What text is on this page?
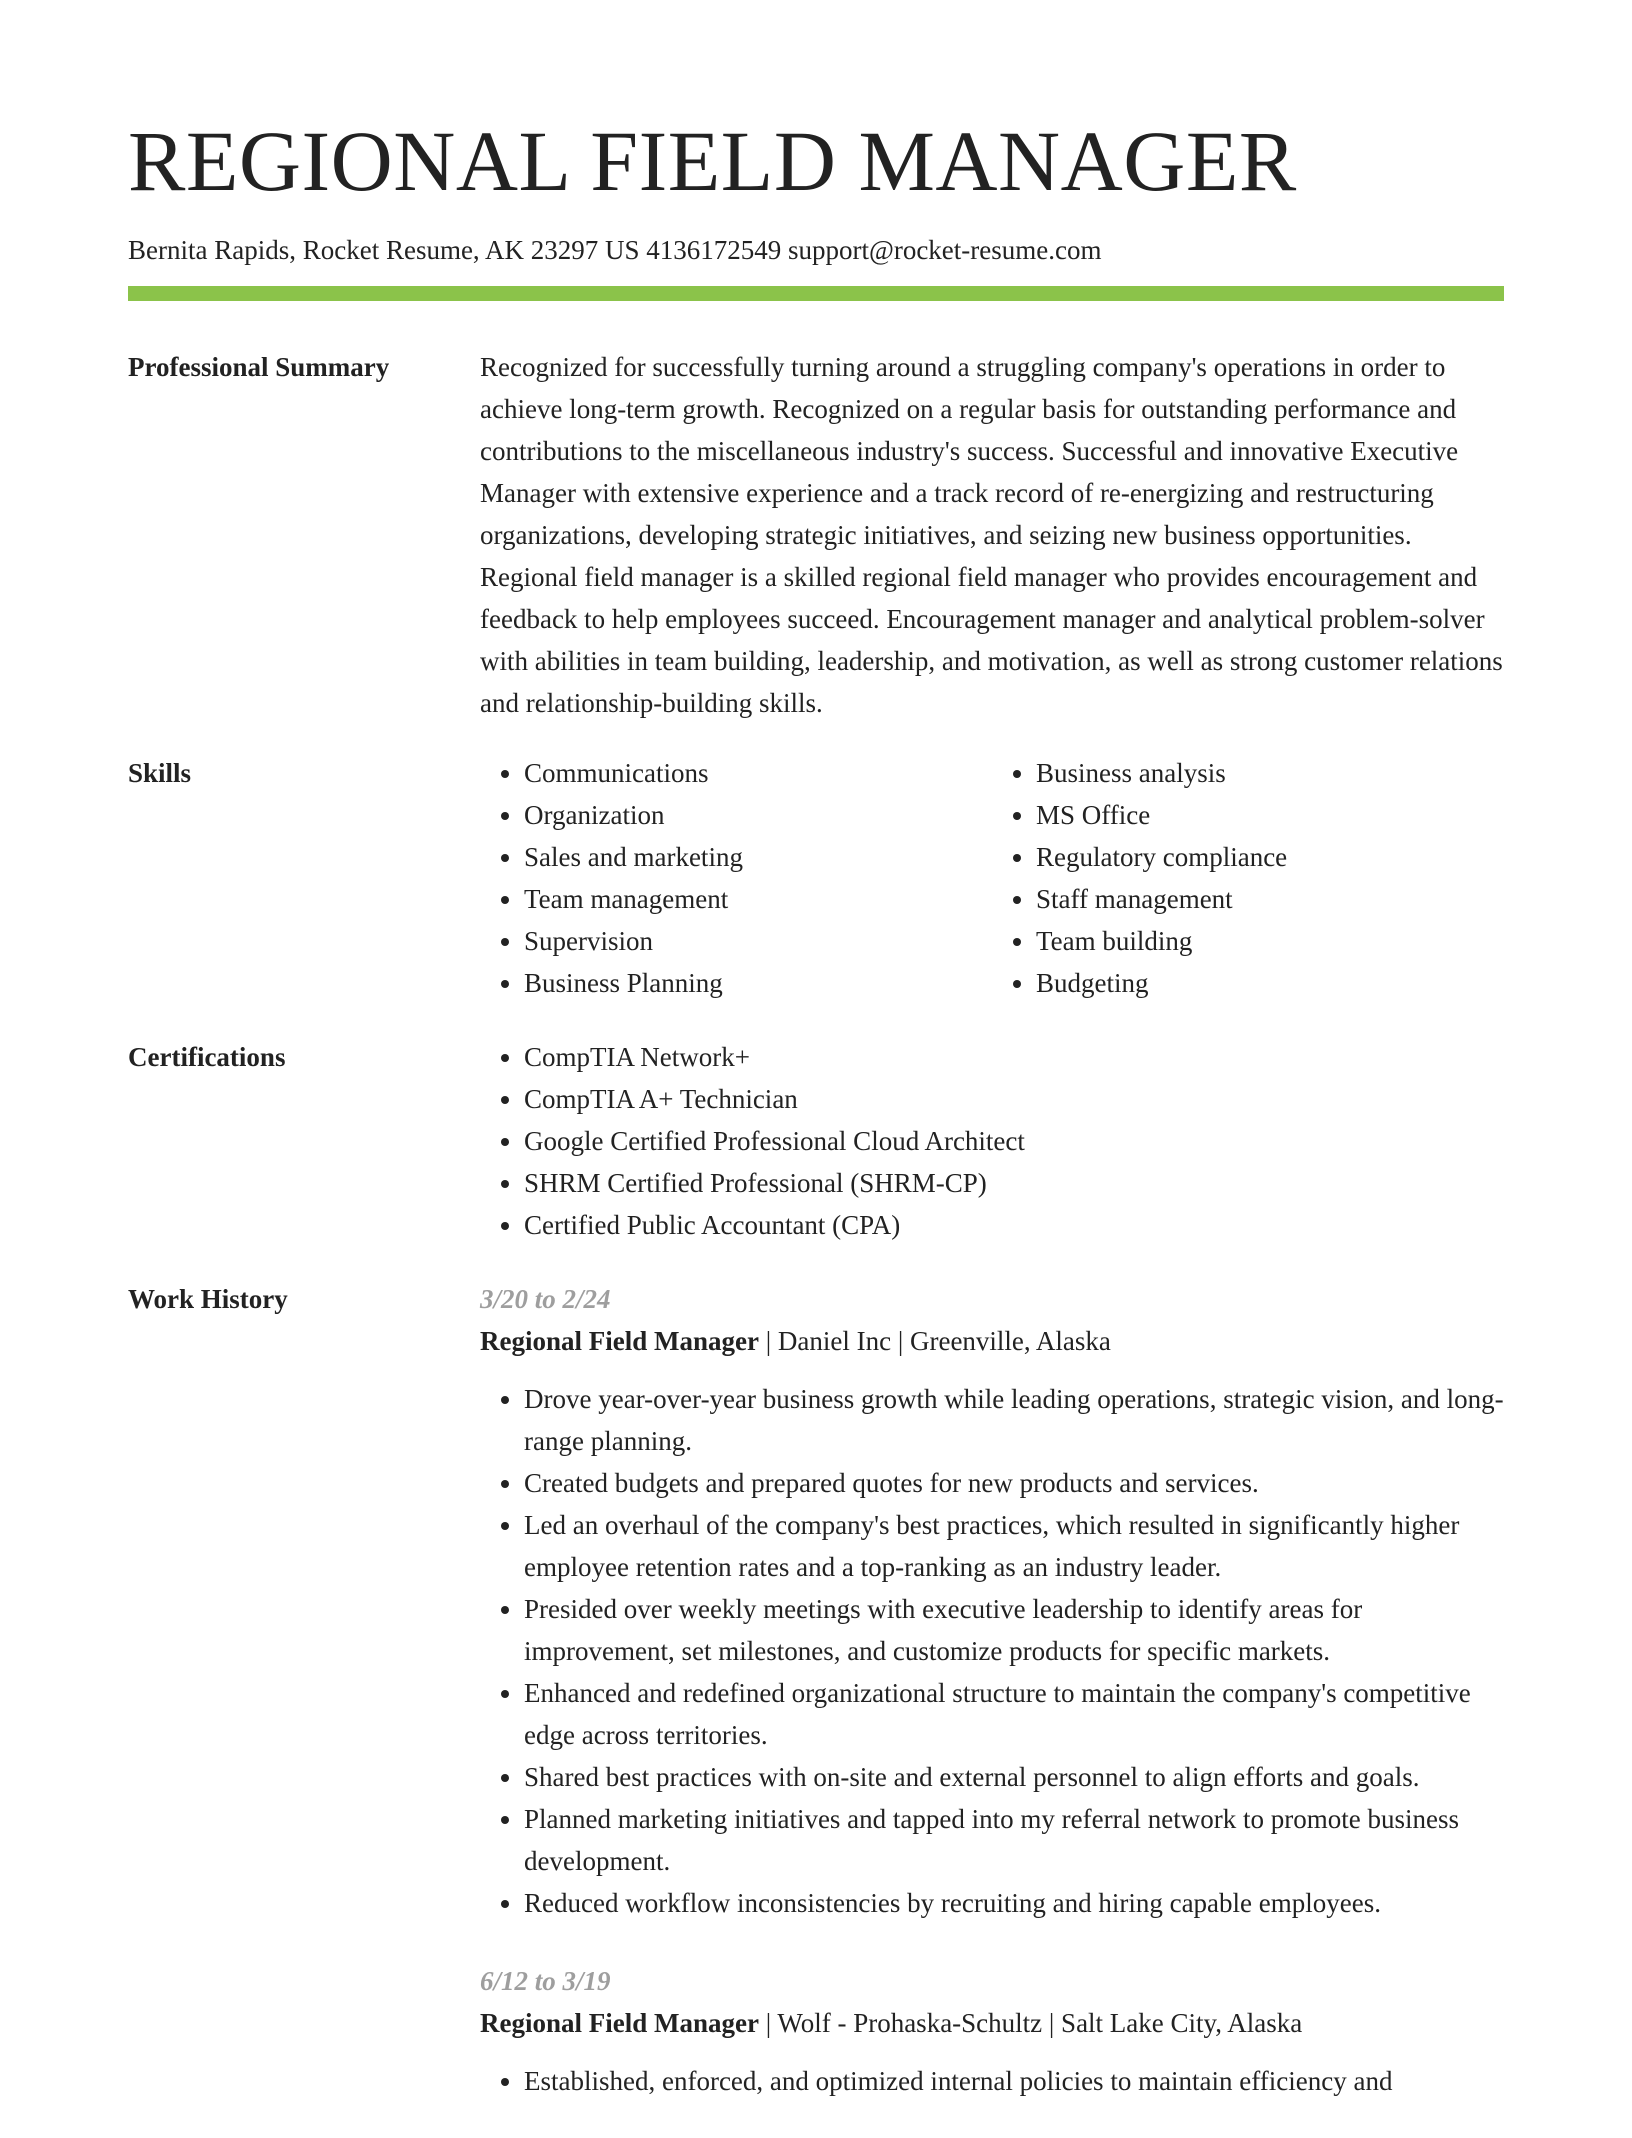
REGIONAL FIELD MANAGER
Bernita Rapids, Rocket Resume, AK 23297 US 4136172549 support@rocket-resume.com
Professional Summary	Recognized for successfully turning around a struggling company's operations in order to achieve long-term growth. Recognized on a regular basis for outstanding performance and contributions to the miscellaneous industry's success. Successful and innovative Executive Manager with extensive experience and a track record of re-energizing and restructuring organizations, developing strategic initiatives, and seizing new business opportunities. Regional field manager is a skilled regional field manager who provides encouragement and feedback to help employees succeed. Encouragement manager and analytical problem-solver with abilities in team building, leadership, and motivation, as well as strong customer relations and relationship-building skills.

Skills	• Communications
• Organization
• Sales and marketing
• Team management
• Supervision
• Business Planning
• Business analysis
• MS Office
• Regulatory compliance
• Staff management
• Team building
• Budgeting
Certifications	• CompTIA Network+
• CompTIA A+ Technician
• Google Certified Professional Cloud Architect
• SHRM Certified Professional (SHRM-CP)
• Certified Public Accountant (CPA)
Work History	3/20 to 2/24
Regional Field Manager | Daniel Inc | Greenville, Alaska
• Drove year-over-year business growth while leading operations, strategic vision, and long-range planning.
• Created budgets and prepared quotes for new products and services.
• Led an overhaul of the company's best practices, which resulted in significantly higher employee retention rates and a top-ranking as an industry leader.
• Presided over weekly meetings with executive leadership to identify areas for improvement, set milestones, and customize products for specific markets.
• Enhanced and redefined organizational structure to maintain the company's competitive edge across territories.
• Shared best practices with on-site and external personnel to align efforts and goals.
• Planned marketing initiatives and tapped into my referral network to promote business development.
• Reduced workflow inconsistencies by recruiting and hiring capable employees.
6/12 to 3/19
Regional Field Manager | Wolf - Prohaska-Schultz | Salt Lake City, Alaska
• Established, enforced, and optimized internal policies to maintain efficiency and
